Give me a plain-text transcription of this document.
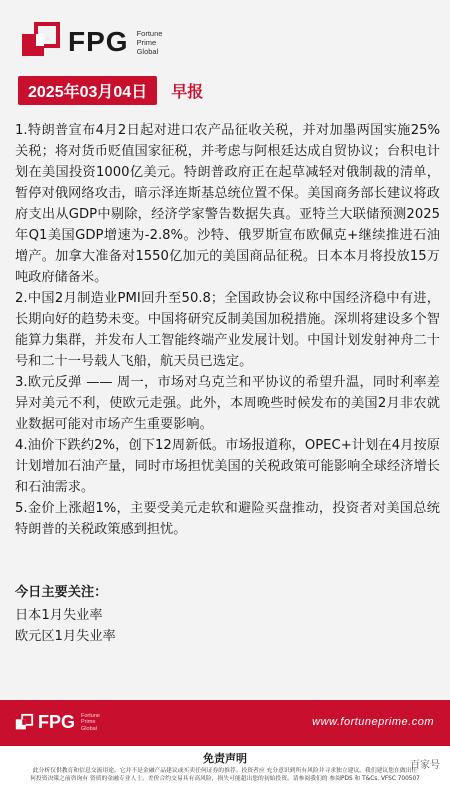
FPG Fortune
Prime
Global
2025年03月04日	早报

1.特朗普宣布4月2日起对进口农产品征收关税，并对加墨两国实施25%关税；将对货币贬值国家征税，并考虑与阿根廷达成自贸协议；台积电计划在美国投资1000亿美元。特朗普政府正在起草减轻对俄制裁的清单，暂停对俄网络攻击，暗示泽连斯基总统位置不保。美国商务部长建议将政府支出从GDP中剔除，经济学家警告数据失真。亚特兰大联储预测2025年Q1美国GDP增速为-2.8%。沙特、俄罗斯宣布欧佩克+继续推进石油增产。加拿大准备对1550亿加元的美国商品征税。日本本月将投放15万吨政府储备米。

2.中国2月制造业PMI回升至50.8；全国政协会议称中国经济稳中有进，长期向好的趋势未变。中国将研究反制美国加税措施。深圳将建设多个智能算力集群，并发布人工智能终端产业发展计划。中国计划发射神舟二十号和二十一号载人飞船，航天员已选定。

3.欧元反弹 —— 周一，市场对乌克兰和平协议的希望升温，同时利率差异对美元不利，使欧元走强。此外，本周晚些时候发布的美国2月非农就业数据可能对市场产生重要影响。

4.油价下跌约2%，创下12周新低。市场报道称，OPEC+计划在4月按原计划增加石油产量，同时市场担忧美国的关税政策可能影响全球经济增长和石油需求。

5.金价上涨超1%，主要受美元走软和避险买盘推动，投资者对美国总统特朗普的关税政策感到担忧。

今日主要关注：
日本1月失业率
欧元区1月失业率
FPG Fortune
Prime
Global
www.fortuneprime.com
免责声明
此分析仅供教育和信息交流用途。它并不是金融产品建议或买卖任何证券的推荐。投资者应 充分意识到所有风险并寻求独立建议。我们建议您在做出任何投资决策之前咨询有 资质的金融专业人士。差价合约交易具有高风险，损失可能超出您的初始投资。请参阅我们的 参阅PDS 和 T&Cs. VFSC 700507
百家号
